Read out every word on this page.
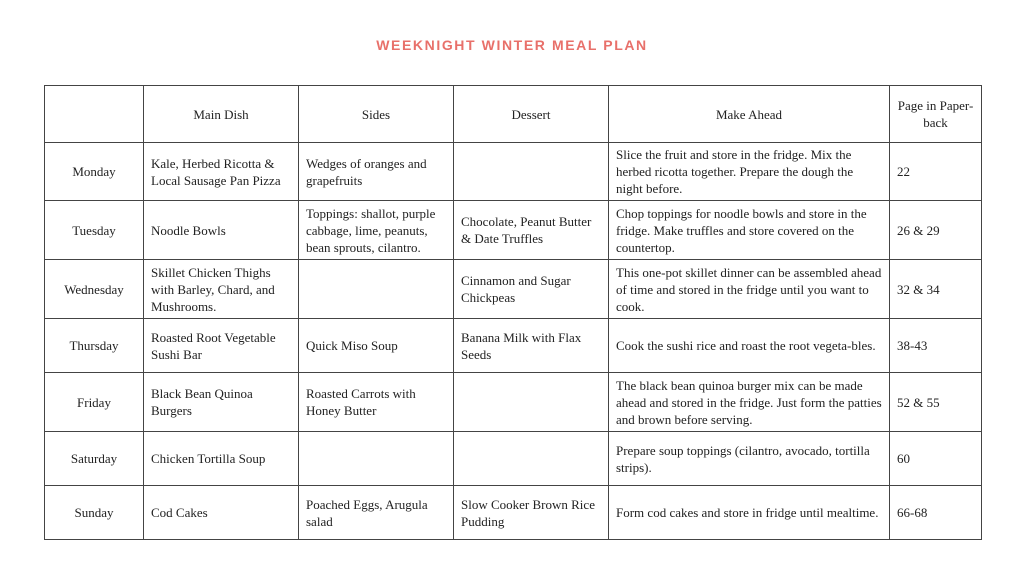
WEEKNIGHT WINTER MEAL PLAN
	Main Dish	Sides	Dessert	Make Ahead	Page in Paper-back
Monday	Kale, Herbed Ricotta & Local Sausage Pan Pizza	Wedges of oranges and grapefruits		Slice the fruit and store in the fridge. Mix the herbed ricotta together. Prepare the dough the night before.	22
Tuesday	Noodle Bowls	Toppings: shallot, purple cabbage, lime, peanuts, bean sprouts, cilantro.	Chocolate, Peanut Butter & Date Truffles	Chop toppings for noodle bowls and store in the fridge. Make truffles and store covered on the countertop.	26 & 29
Wednesday	Skillet Chicken Thighs with Barley, Chard, and Mushrooms.		Cinnamon and Sugar Chickpeas	This one-pot skillet dinner can be assembled ahead of time and stored in the fridge until you want to cook.	32 & 34
Thursday	Roasted Root Vegetable Sushi Bar	Quick Miso Soup	Banana Milk with Flax Seeds	Cook the sushi rice and roast the root vegeta-bles.	38-43
Friday	Black Bean Quinoa Burgers	Roasted Carrots with Honey Butter		The black bean quinoa burger mix can be made ahead and stored in the fridge. Just form the patties and brown before serving.	52 & 55
Saturday	Chicken Tortilla Soup			Prepare soup toppings (cilantro, avocado, tortilla strips).	60
Sunday	Cod Cakes	Poached Eggs, Arugula salad	Slow Cooker Brown Rice Pudding	Form cod cakes and store in fridge until mealtime.	66-68
